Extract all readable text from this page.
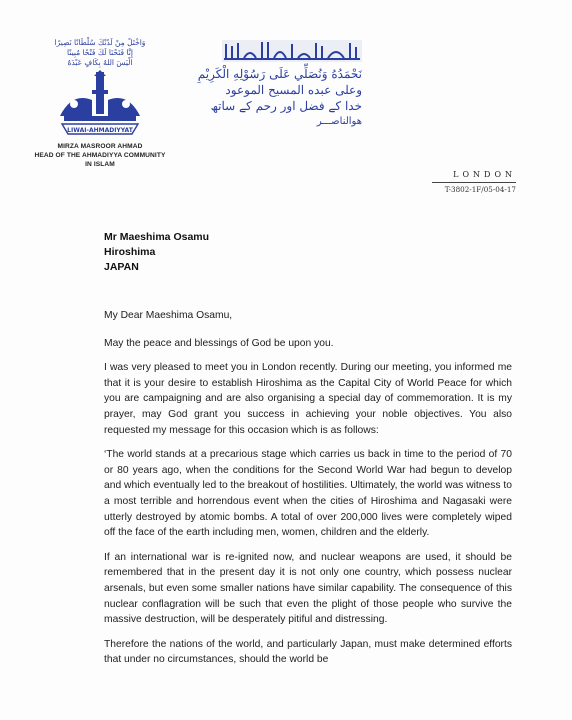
وَاخْتَلْ مِنْ لَدُنْكَ سُلْطَانًا نَصِيرًا
إِنَّا فَتَحْنَا لَكَ فَتْحًا مُبِينًا
الْيَسَ اللهُ بِكَافٍ عَبْدَهُ
LIWAI-AHMADIYYAT
MIRZA MASROOR AHMAD
HEAD OF THE AHMADIYYA COMMUNITY
IN ISLAM
نَحْمَدُهُ وَنُصَلِّي عَلَى رَسُوْلِهِ الْكَرِيْمِ
وعلى عبده المسيح الموعود
خدا کے فضل اور رحم کے ساتھ
هوالناصـــر
LONDON
T-3802-1F/05-04-17
Mr Maeshima Osamu
Hiroshima
JAPAN

My Dear Maeshima Osamu,

May the peace and blessings of God be upon you.

I was very pleased to meet you in London recently. During our meeting, you informed me that it is your desire to establish Hiroshima as the Capital City of World Peace for which you are campaigning and are also organising a special day of commemoration. It is my prayer, may God grant you success in achieving your noble objectives. You also requested my message for this occasion which is as follows:

‘The world stands at a precarious stage which carries us back in time to the period of 70 or 80 years ago, when the conditions for the Second World War had begun to develop and which eventually led to the breakout of hostilities. Ultimately, the world was witness to a most terrible and horrendous event when the cities of Hiroshima and Nagasaki were utterly destroyed by atomic bombs. A total of over 200,000 lives were completely wiped off the face of the earth including men, women, children and the elderly.

If an international war is re-ignited now, and nuclear weapons are used, it should be remembered that in the present day it is not only one country, which possess nuclear arsenals, but even some smaller nations have similar capability. The consequence of this nuclear conflagration will be such that even the plight of those people who survive the massive destruction, will be desperately pitiful and distressing.

Therefore the nations of the world, and particularly Japan, must make determined efforts that under no circumstances, should the world be
